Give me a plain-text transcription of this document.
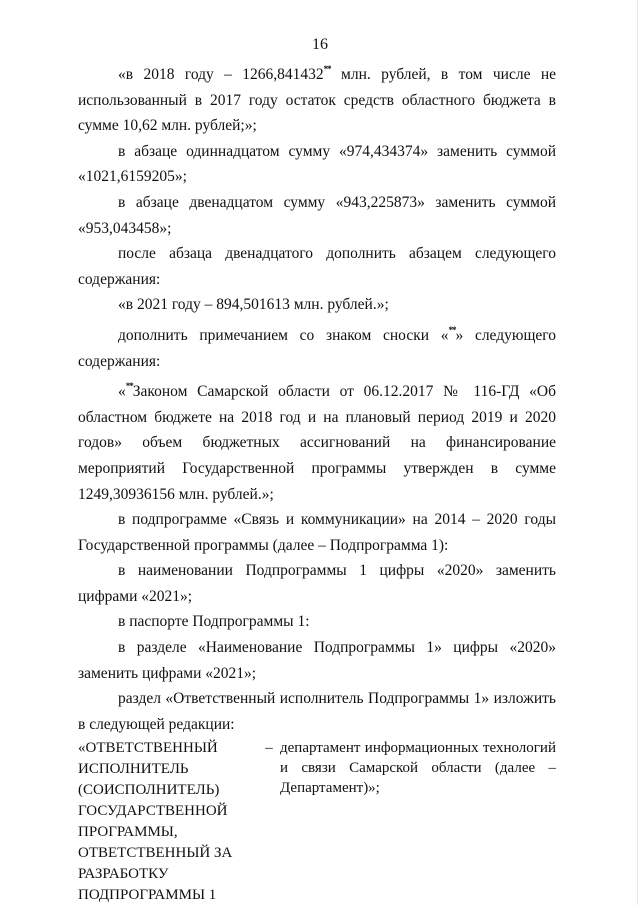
16

«в 2018 году – 1266,841432** млн. рублей, в том числе не использованный в 2017 году остаток средств областного бюджета в сумме 10,62 млн. рублей;»;

в абзаце одиннадцатом сумму «974,434374» заменить суммой «1021,6159205»;

в абзаце двенадцатом сумму «943,225873» заменить суммой «953,043458»;

после абзаца двенадцатого дополнить абзацем следующего содержания:

«в 2021 году – 894,501613 млн. рублей.»;

дополнить примечанием со знаком сноски «**» следующего содержания:

«**Законом Самарской области от 06.12.2017 № 116-ГД «Об областном бюджете на 2018 год и на плановый период 2019 и 2020 годов» объем бюджетных ассигнований на финансирование мероприятий Государственной программы утвержден в сумме 1249,30936156 млн. рублей.»;

в подпрограмме «Связь и коммуникации» на 2014 – 2020 годы Государственной программы (далее – Подпрограмма 1):

в наименовании Подпрограммы 1 цифры «2020» заменить цифрами «2021»;

в паспорте Подпрограммы 1:

в разделе «Наименование Подпрограммы 1» цифры «2020» заменить цифрами «2021»;

раздел «Ответственный исполнитель Подпрограммы 1» изложить в следующей редакции:

«ОТВЕТСТВЕННЫЙ
ИСПОЛНИТЕЛЬ
(СОИСПОЛНИТЕЛЬ)
ГОСУДАРСТВЕННОЙ
ПРОГРАММЫ,
ОТВЕТСТВЕННЫЙ ЗА
РАЗРАБОТКУ
ПОДПРОГРАММЫ 1
– департамент информационных технологий и связи Самарской области (далее – Департамент)»;
